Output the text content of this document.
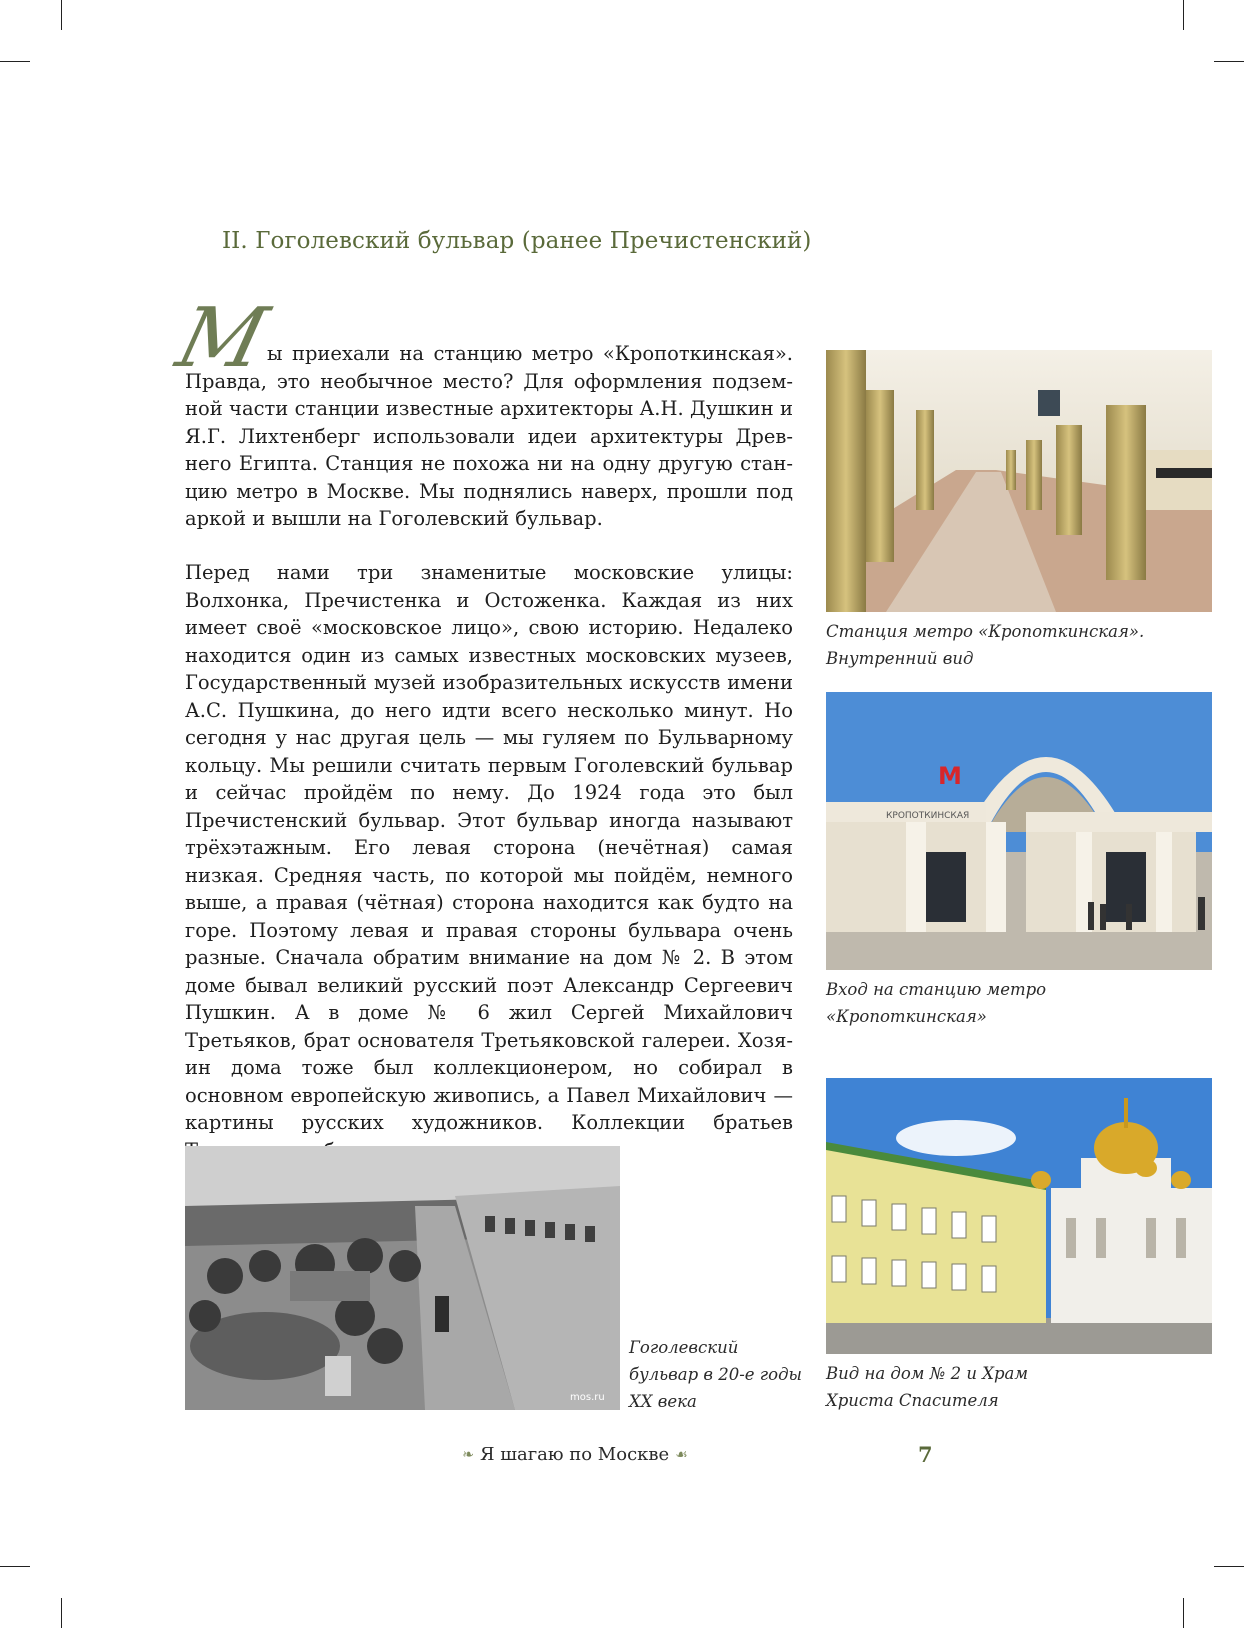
II. Гоголевский бульвар (ранее Пречистенский)
М
ы приехали на станцию метро «Кропоткинская». Правда, это необычное место? Для оформления подземной части станции известные архитекторы А.Н. Душкин и Я.Г. Лихтенберг использовали идеи архитектуры Древнего Египта. Станция не похожа ни на одну другую станцию метро в Москве. Мы поднялись наверх, прошли под аркой и вышли на Гоголевский бульвар.
Перед нами три знаменитые московские улицы: Волхонка, Пречистенка и Остоженка. Каждая из них имеет своё «московское лицо», свою историю. Недалеко находится один из самых известных московских музеев, Государственный музей изобразительных искусств имени А.С. Пушкина, до него идти всего несколько минут. Но сегодня у нас другая цель — мы гуляем по Бульварному кольцу. Мы решили считать первым Гоголевский бульвар и сейчас пройдём по нему. До 1924 года это был Пречистенский бульвар. Этот бульвар иногда называют трёхэтажным. Его левая сторона (нечётная) самая низкая. Средняя часть, по которой мы пойдём, немного выше, а правая (чётная) сторона находится как будто на горе. Поэтому левая и правая стороны бульвара очень разные. Сначала обратим внимание на дом № 2. В этом доме бывал великий русский поэт Александр Сергеевич Пушкин. А в доме № 6 жил Сергей Михайлович Третьяков, брат основателя Третьяковской галереи. Хозяин дома тоже был коллекционером, но собирал в основном европейскую живопись, а Павел Михайлович — картины русских художников. Коллекции братьев
Станция метро «Кропоткинская».
Внутренний вид
М
КРОПОТКИНСКАЯ
Вход на станцию метро
«Кропоткинская»
Вид на дом № 2 и Храм
Христа Спасителя
mos.ru
Гоголевский
бульвар в 20-е годы
XX века
❧ Я шагаю по Москве ☙	7
